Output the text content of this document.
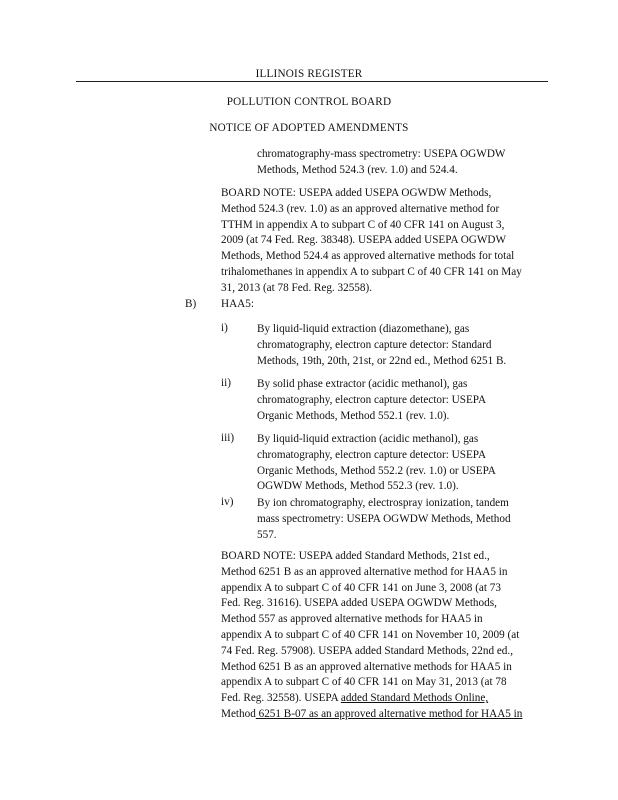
ILLINOIS REGISTER
POLLUTION CONTROL BOARD
NOTICE OF ADOPTED AMENDMENTS
chromatography-mass spectrometry: USEPA OGWDW
Methods, Method 524.3 (rev. 1.0) and 524.4.
BOARD NOTE: USEPA added USEPA OGWDW Methods,
Method 524.3 (rev. 1.0) as an approved alternative method for
TTHM in appendix A to subpart C of 40 CFR 141 on August 3,
2009 (at 74 Fed. Reg. 38348). USEPA added USEPA OGWDW
Methods, Method 524.4 as approved alternative methods for total
trihalomethanes in appendix A to subpart C of 40 CFR 141 on May
31, 2013 (at 78 Fed. Reg. 32558).
B) HAA5:
i)	By liquid-liquid extraction (diazomethane), gas
chromatography, electron capture detector: Standard
Methods, 19th, 20th, 21st, or 22nd ed., Method 6251 B.
ii) By solid phase extractor (acidic methanol), gas
chromatography, electron capture detector: USEPA
Organic Methods, Method 552.1 (rev. 1.0).
iii) By liquid-liquid extraction (acidic methanol), gas
chromatography, electron capture detector: USEPA
Organic Methods, Method 552.2 (rev. 1.0) or USEPA
OGWDW Methods, Method 552.3 (rev. 1.0).
iv) By ion chromatography, electrospray ionization, tandem
mass spectrometry: USEPA OGWDW Methods, Method
557.
BOARD NOTE: USEPA added Standard Methods, 21st ed.,
Method 6251 B as an approved alternative method for HAA5 in
appendix A to subpart C of 40 CFR 141 on June 3, 2008 (at 73
Fed. Reg. 31616). USEPA added USEPA OGWDW Methods,
Method 557 as approved alternative methods for HAA5 in
appendix A to subpart C of 40 CFR 141 on November 10, 2009 (at
74 Fed. Reg. 57908). USEPA added Standard Methods, 22nd ed.,
Method 6251 B as an approved alternative methods for HAA5 in
appendix A to subpart C of 40 CFR 141 on May 31, 2013 (at 78
Fed. Reg. 32558). USEPA added Standard Methods Online,
Method 6251 B-07 as an approved alternative method for HAA5 in
